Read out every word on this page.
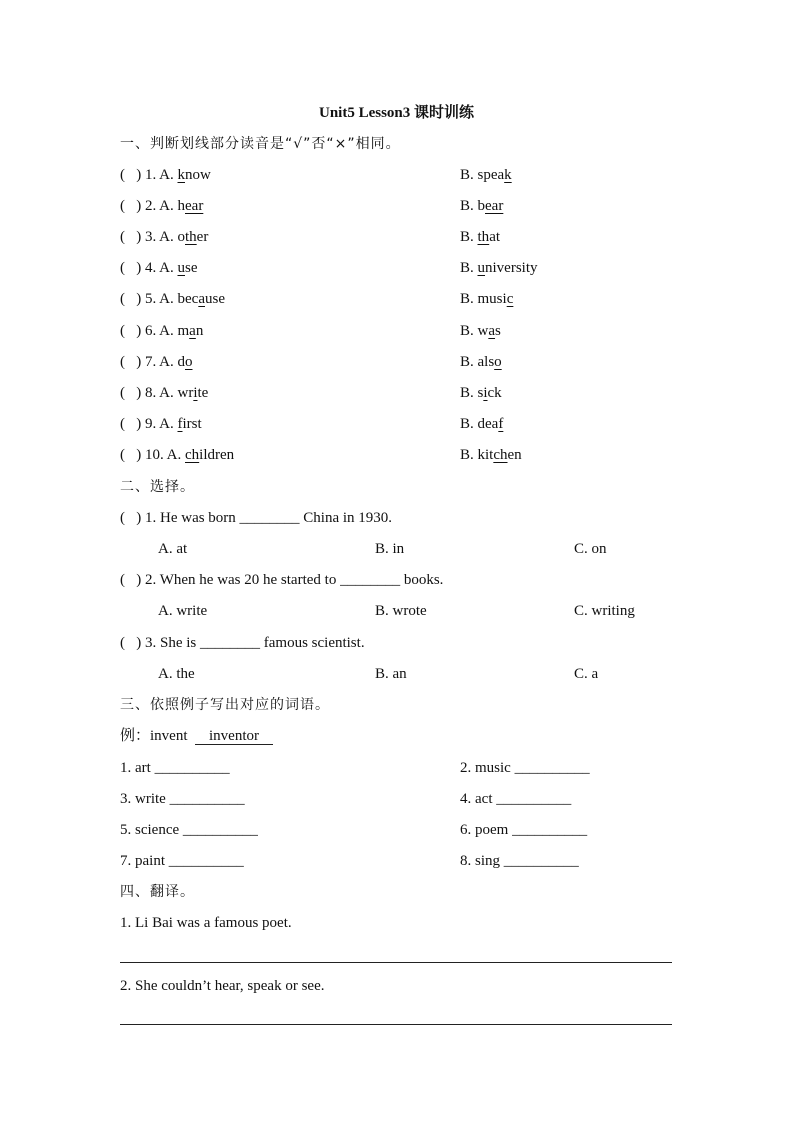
Unit5 Lesson3 课时训练
一、判断划线部分读音是“√”否“×”相同。
(   ) 1. A. know	B. speak
(   ) 2. A. hear	B. bear
(   ) 3. A. other	B. that
(   ) 4. A. use	B. university
(   ) 5. A. because	B. music
(   ) 6. A. man	B. was
(   ) 7. A. do	B. also
(   ) 8. A. write	B. sick
(   ) 9. A. first	B. deaf
(   ) 10. A. children	B. kitchen
二、选择。
(   ) 1. He was born ________ China in 1930.
A. at	B. in	C. on
(   ) 2. When he was 20 he started to ________ books.
A. write	B. wrote	C. writing
(   ) 3. She is ________ famous scientist.
A. the	B. an	C. a
三、依照例子写出对应的词语。
例：invent inventor
1. art __________	2. music __________
3. write __________	4. act __________
5. science __________	6. poem __________
7. paint __________	8. sing __________
四、翻译。
1. Li Bai was a famous poet.
2. She couldn’t hear, speak or see.
